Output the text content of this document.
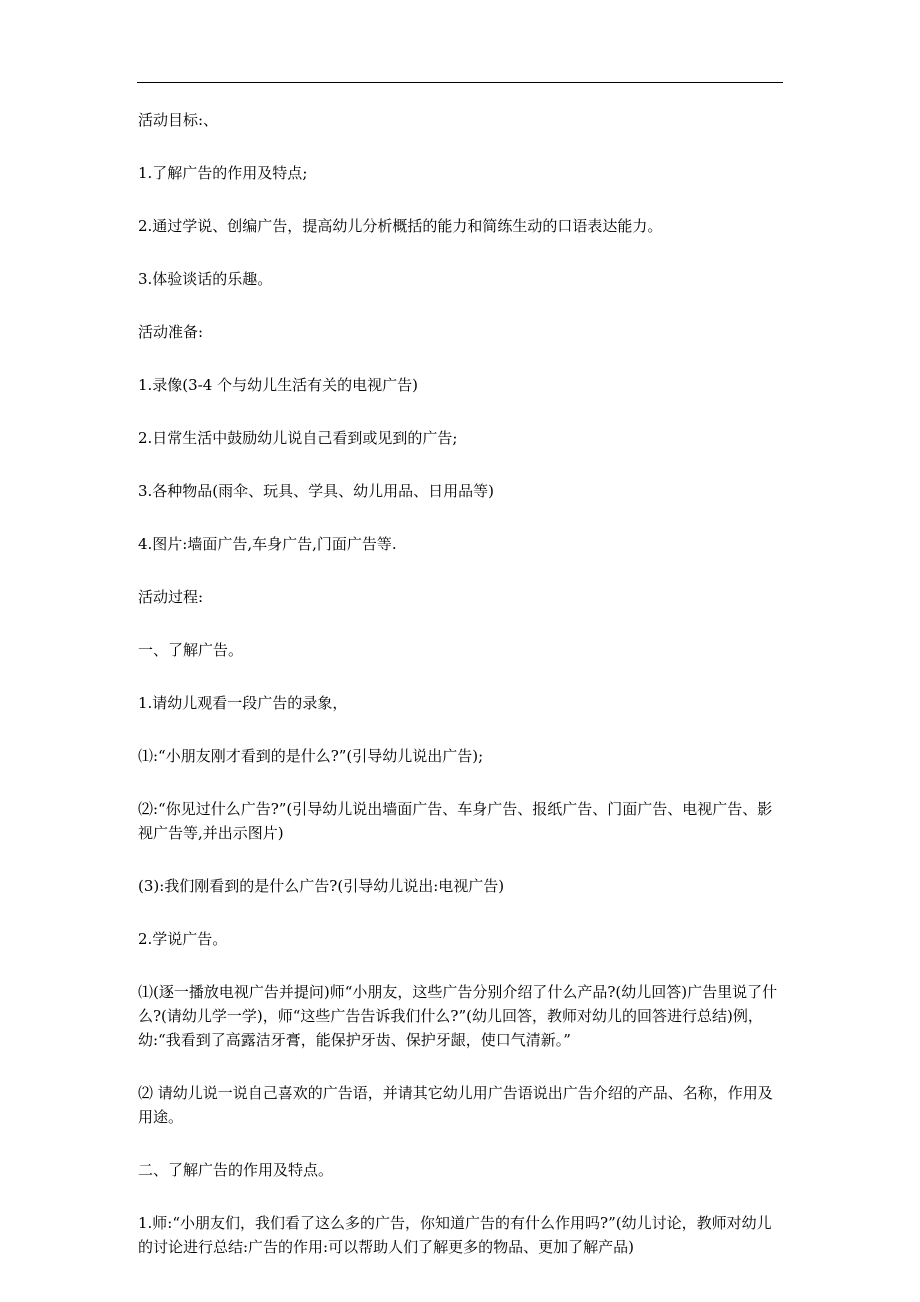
活动目标:、

1.了解广告的作用及特点;

2.通过学说、创编广告，提高幼儿分析概括的能力和简练生动的口语表达能力。

3.体验谈话的乐趣。

活动准备:

1.录像(3-4 个与幼儿生活有关的电视广告)

2.日常生活中鼓励幼儿说自己看到或见到的广告;

3.各种物品(雨伞、玩具、学具、幼儿用品、日用品等)

4.图片:墙面广告,车身广告,门面广告等.

活动过程:

一、了解广告。

1.请幼儿观看一段广告的录象，

⑴:“小朋友刚才看到的是什么?”(引导幼儿说出广告);

⑵:“你见过什么广告?”(引导幼儿说出墙面广告、车身广告、报纸广告、门面广告、电视广告、影视广告等,并出示图片)

(3):我们刚看到的是什么广告?(引导幼儿说出:电视广告)

2.学说广告。

⑴(逐一播放电视广告并提问)师“小朋友，这些广告分别介绍了什么产品?(幼儿回答)广告里说了什么?(请幼儿学一学)，师“这些广告告诉我们什么?”(幼儿回答，教师对幼儿的回答进行总结)例，幼:“我看到了高露洁牙膏，能保护牙齿、保护牙龈，使口气清新。”

⑵ 请幼儿说一说自己喜欢的广告语，并请其它幼儿用广告语说出广告介绍的产品、名称，作用及用途。

二、了解广告的作用及特点。

1.师:“小朋友们，我们看了这么多的广告，你知道广告的有什么作用吗?”(幼儿讨论，教师对幼儿的讨论进行总结:广告的作用:可以帮助人们了解更多的物品、更加了解产品)
